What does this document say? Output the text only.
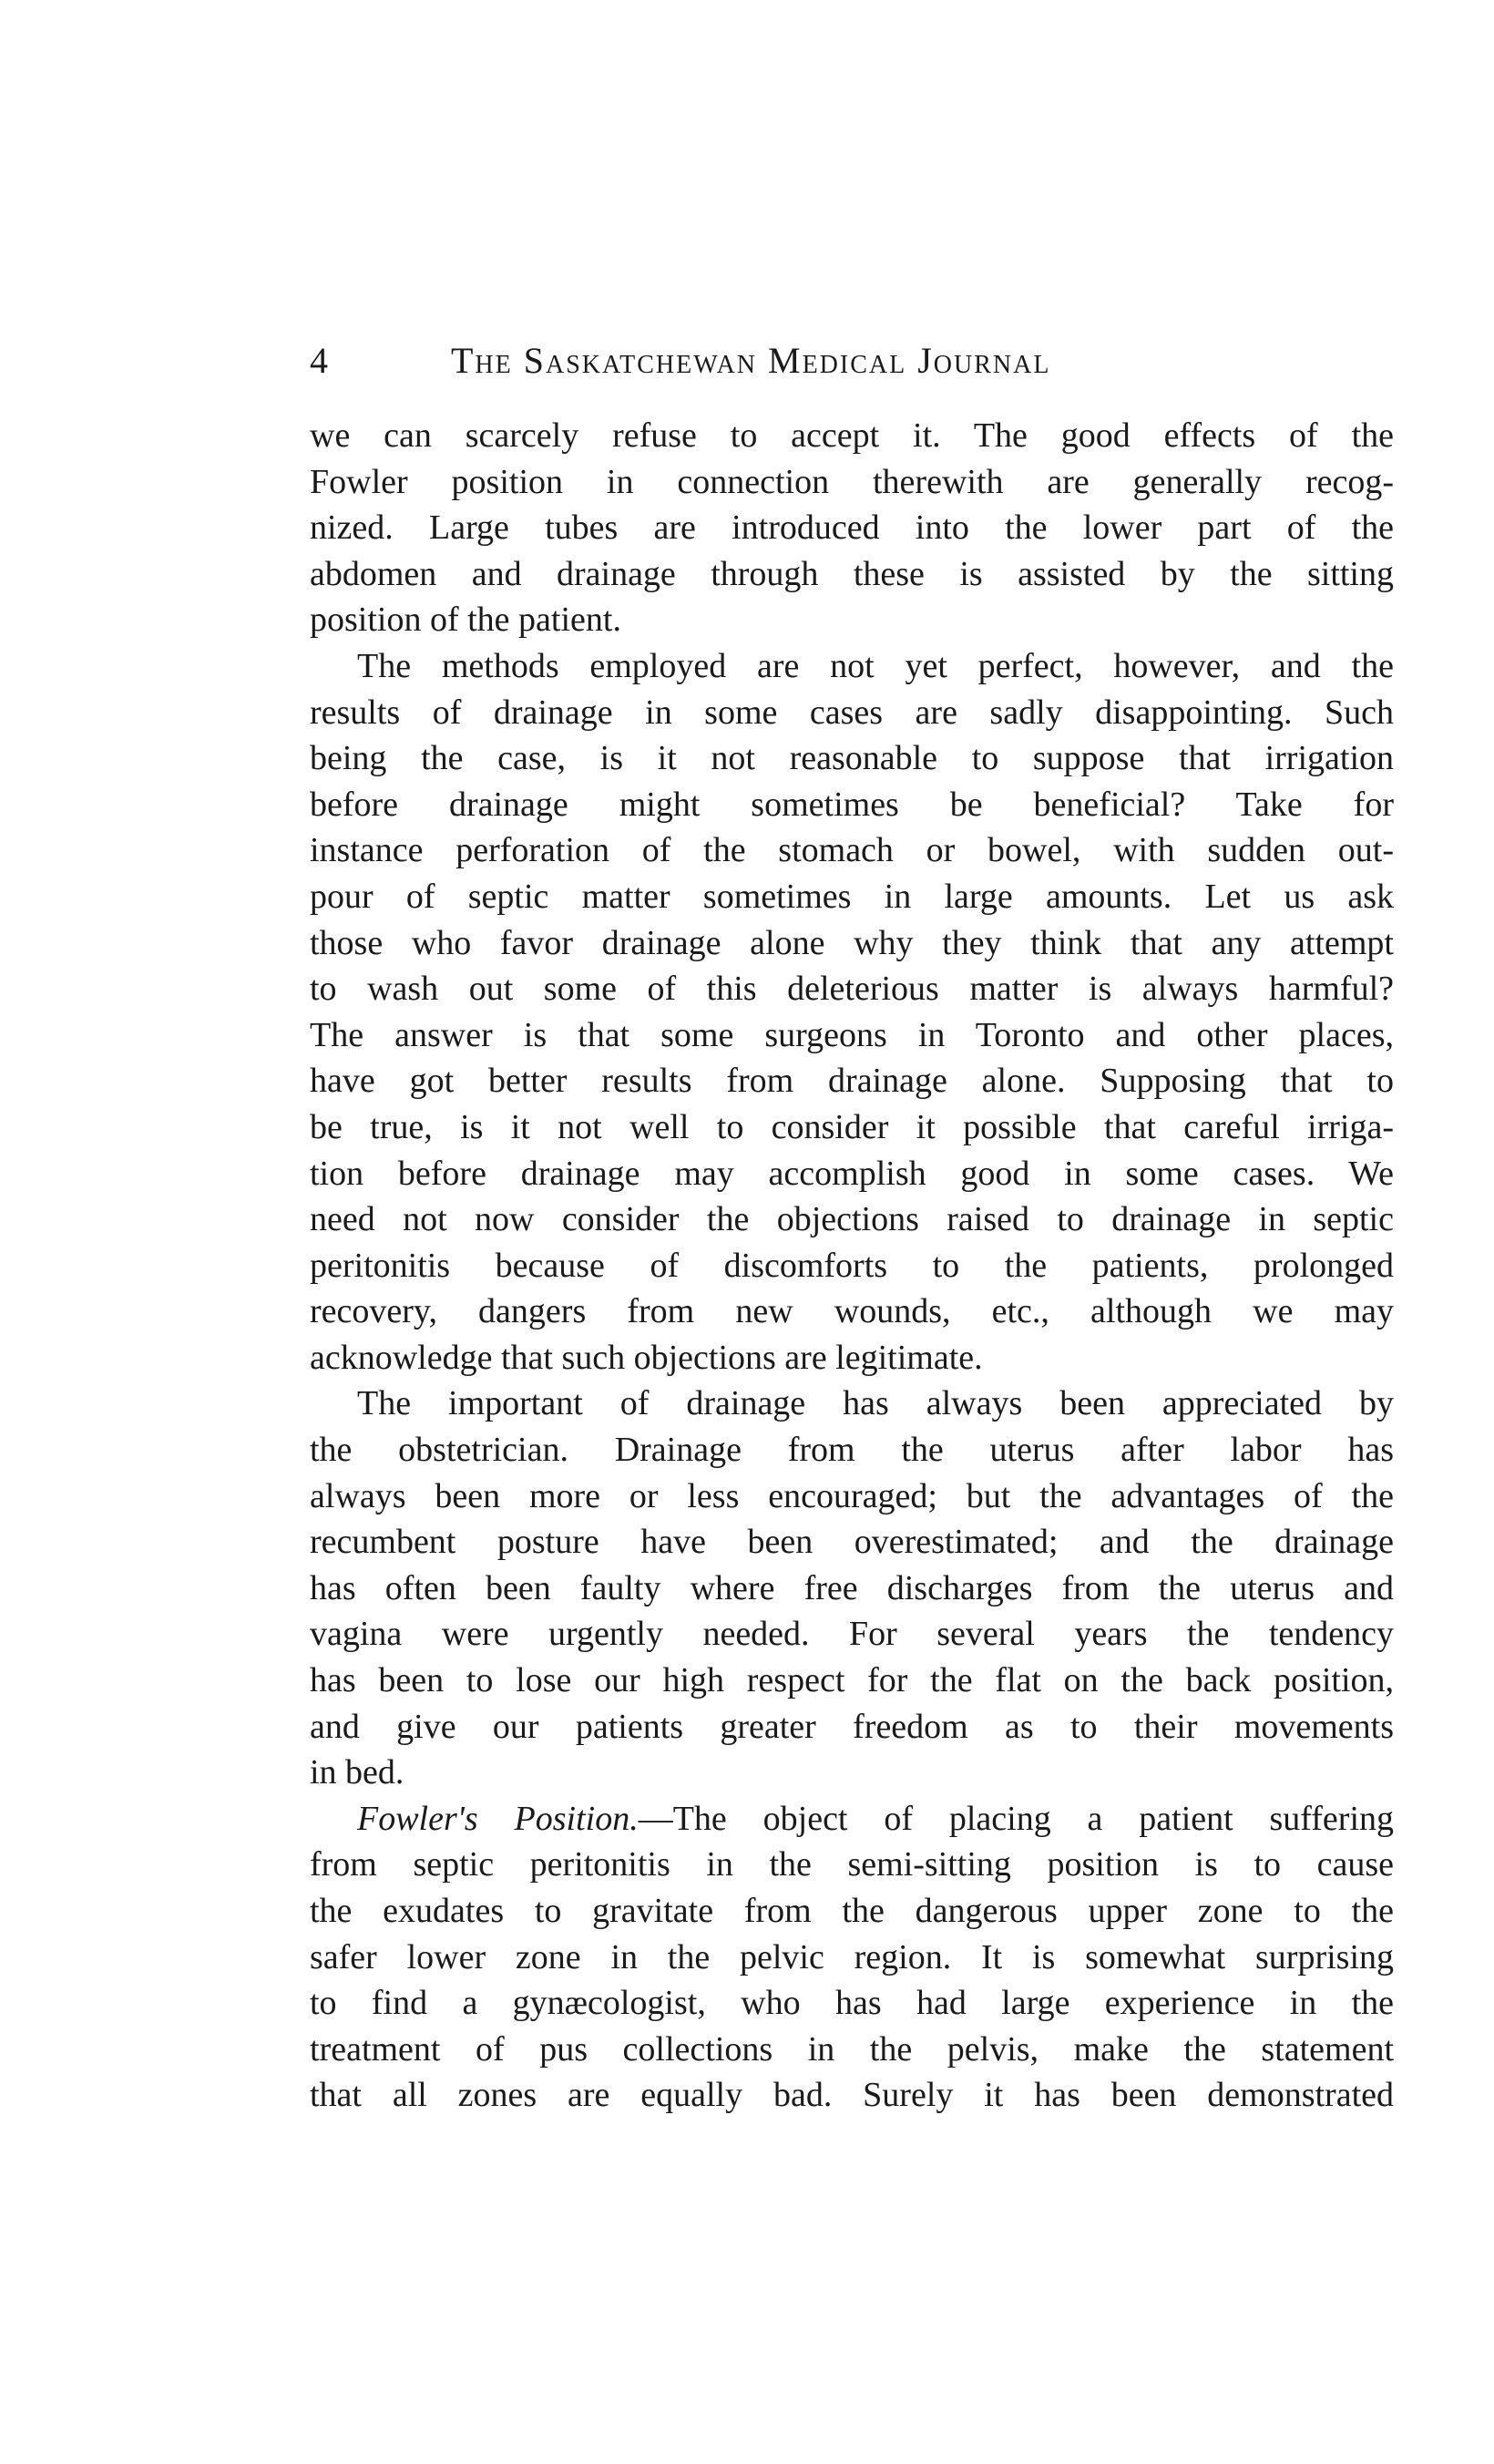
4	The Saskatchewan Medical Journal
we can scarcely refuse to accept it. The good effects of the
Fowler position in connection therewith are generally recog-
nized. Large tubes are introduced into the lower part of the
abdomen and drainage through these is assisted by the sitting
position of the patient.
The methods employed are not yet perfect, however, and the
results of drainage in some cases are sadly disappointing. Such
being the case, is it not reasonable to suppose that irrigation
before drainage might sometimes be beneficial? Take for
instance perforation of the stomach or bowel, with sudden out-
pour of septic matter sometimes in large amounts. Let us ask
those who favor drainage alone why they think that any attempt
to wash out some of this deleterious matter is always harmful?
The answer is that some surgeons in Toronto and other places,
have got better results from drainage alone. Supposing that to
be true, is it not well to consider it possible that careful irriga-
tion before drainage may accomplish good in some cases. We
need not now consider the objections raised to drainage in septic
peritonitis because of discomforts to the patients, prolonged
recovery, dangers from new wounds, etc., although we may
acknowledge that such objections are legitimate.
The important of drainage has always been appreciated by
the obstetrician. Drainage from the uterus after labor has
always been more or less encouraged; but the advantages of the
recumbent posture have been overestimated; and the drainage
has often been faulty where free discharges from the uterus and
vagina were urgently needed. For several years the tendency
has been to lose our high respect for the flat on the back position,
and give our patients greater freedom as to their movements
in bed.
Fowler's Position.—The object of placing a patient suffering
from septic peritonitis in the semi-sitting position is to cause
the exudates to gravitate from the dangerous upper zone to the
safer lower zone in the pelvic region. It is somewhat surprising
to find a gynæcologist, who has had large experience in the
treatment of pus collections in the pelvis, make the statement
that all zones are equally bad. Surely it has been demonstrated
